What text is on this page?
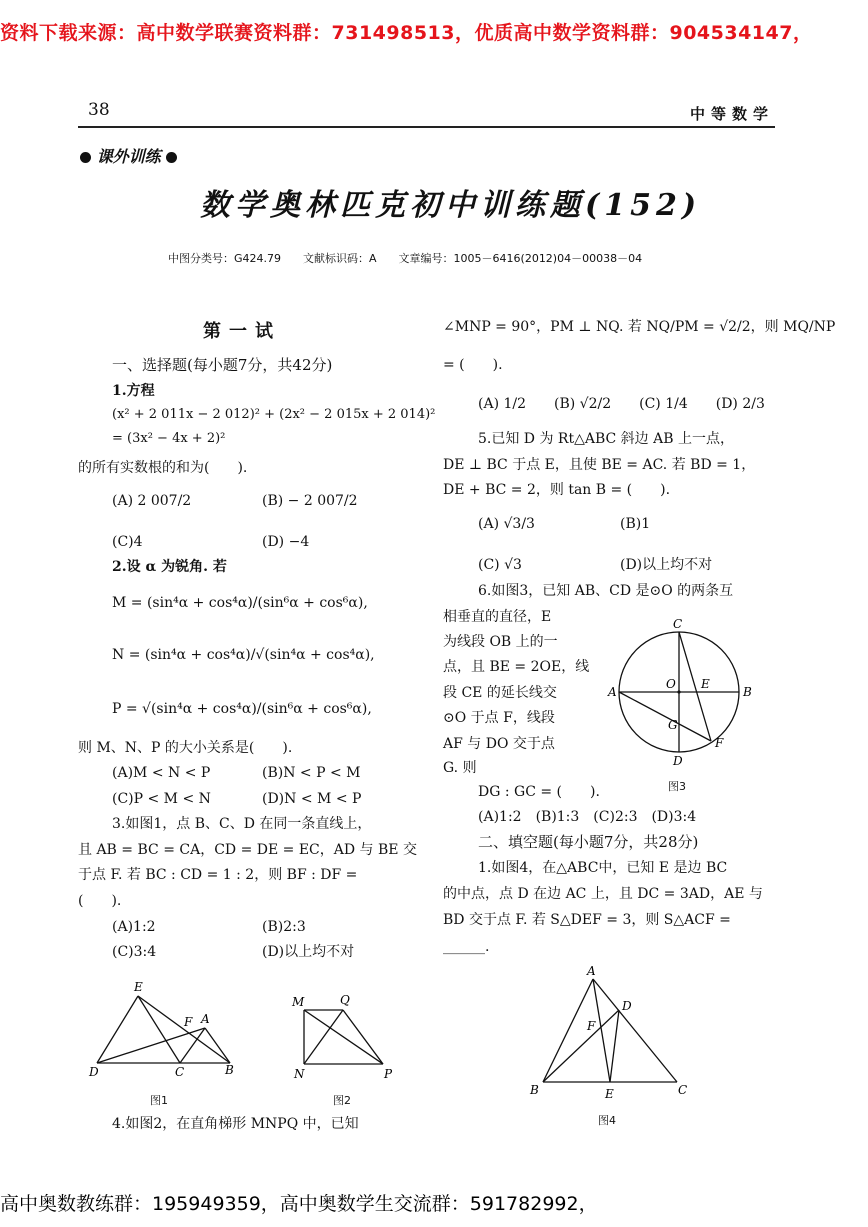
资料下载来源：高中数学联赛资料群：731498513，优质高中数学资料群：904534147，
38	中等数学
课外训练
数学奥林匹克初中训练题(152)
中图分类号：G424.79　　文献标识码：A　　文章编号：1005－6416(2012)04－00038－04
第一试
一、选择题(每小题7分，共42分)
1.方程
(x² + 2 011x − 2 012)² + (2x² − 2 015x + 2 014)²
= (3x² − 4x + 2)²
的所有实数根的和为(　　).
(A) 2 007/2	(B) − 2 007/2
(C)4	(D) −4
2.设 α 为锐角. 若
M = (sin⁴α + cos⁴α)/(sin⁶α + cos⁶α),
N = (sin⁴α + cos⁴α)/√(sin⁴α + cos⁴α),
P = √(sin⁴α + cos⁴α)/(sin⁶α + cos⁶α),
则 M、N、P 的大小关系是(　　).
(A)M < N < P	(B)N < P < M
(C)P < M < N	(D)N < M < P
3.如图1，点 B、C、D 在同一条直线上，
且 AB = BC = CA，CD = DE = EC，AD 与 BE 交
于点 F. 若 BC : CD = 1 : 2，则 BF : DF =
(　　).
(A)1:2	(B)2:3
(C)3:4	(D)以上均不对
E
F A
D	C	B
图1
M	Q
N	P
图2
4.如图2，在直角梯形 MNPQ 中，已知
∠MNP = 90°，PM ⊥ NQ. 若 NQ/PM = √2/2，则 MQ/NP
= (　　).
(A) 1/2　　(B) √2/2　　(C) 1/4　　(D) 2/3
5.已知 D 为 Rt△ABC 斜边 AB 上一点，
DE ⊥ BC 于点 E，且使 BE = AC. 若 BD = 1，
DE + BC = 2，则 tan B = (　　).
(A) √3/3	(B)1
(C) √3	(D)以上均不对
6.如图3，已知 AB、CD 是⊙O 的两条互
相垂直的直径，E
为线段 OB 上的一
点，且 BE = 2OE，线
段 CE 的延长线交
⊙O 于点 F，线段
AF 与 DO 交于点
G. 则
C
O E
A	B
G
F
D
图3
DG : GC = (　　).
(A)1:2　(B)1:3　(C)2:3　(D)3:4
二、填空题(每小题7分，共28分)
1.如图4，在△ABC中，已知 E 是边 BC
的中点，点 D 在边 AC 上，且 DC = 3AD，AE 与
BD 交于点 F. 若 S△DEF = 3，则 S△ACF =
______.
A
D
F
B	E	C
图4
高中奥数教练群：195949359，高中奥数学生交流群：591782992，
